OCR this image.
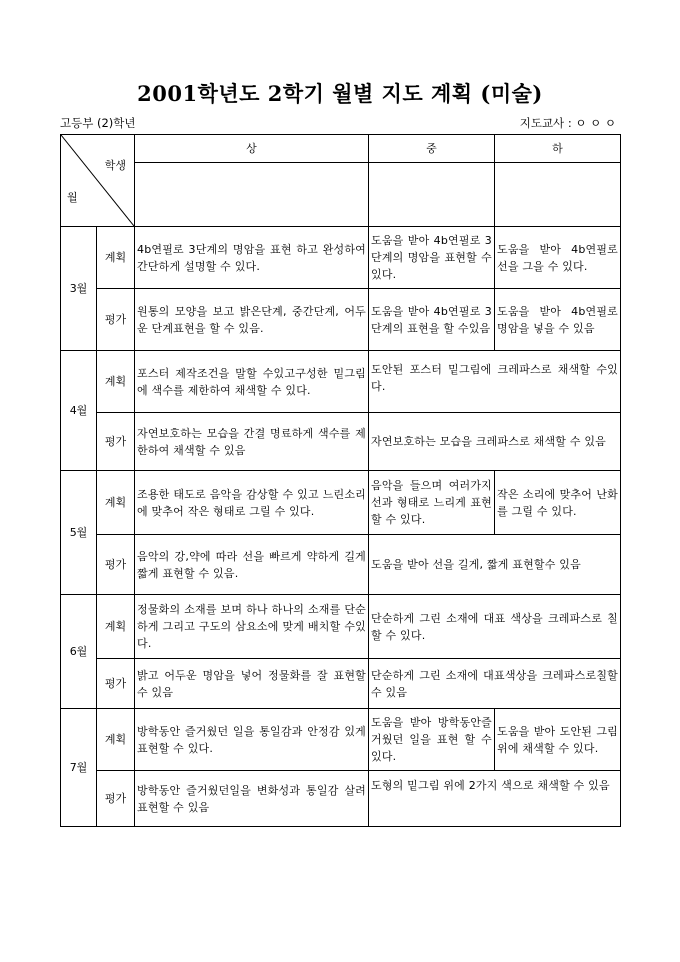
2001학년도 2학기 월별 지도 계획 (미술)
고등부 (2)학년	지도교사 : ㅇ ㅇ ㅇ
학생
월		상	중	하

3월	계획	4b연필로 3단계의 명암을 표현 하고 완성하여 간단하게 설명할 수 있다.	도움을 받아 4b연필로 3단계의 명암을 표현할 수 있다.	도움을 받아 4b연필로 선을 그을 수 있다.
	평가	원통의 모양을 보고 밝은단계, 중간단계, 어두운 단계표현을 할 수 있음.	도움을 받아 4b연필로 3단계의 표현을 할 수있음	도움을 받아 4b연필로 명암을 넣을 수 있음
4월	계획	포스터 제작조건을 말할 수있고구성한 밑그림에 색수를 제한하여 채색할 수 있다.	도안된 포스터 밑그림에 크레파스로 채색할 수있다.	
	평가	자연보호하는 모습을 간결 명료하게 색수를 제한하여 채색할 수 있음	자연보호하는 모습을 크레파스로 채색할 수 있음	
5월	계획	조용한 태도로 음악을 감상할 수 있고 느린소리에 맞추어 작은 형태로 그릴 수 있다.	음악을 들으며 여러가지 선과 형태로 느리게 표현할 수 있다.	작은 소리에 맞추어 난화를 그릴 수 있다.
	평가	음악의 강,약에 따라 선을 빠르게 약하게 길게 짧게 표현할 수 있음.	도움을 받아 선을 길게, 짧게 표현할수 있음	
6월	계획	정물화의 소재를 보며 하나 하나의 소재를 단순하게 그리고 구도의 삼요소에 맞게 배치할 수있다.	단순하게 그린 소재에 대표 색상을 크레파스로 칠할 수 있다.	
	평가	밝고 어두운 명암을 넣어 정물화를 잘 표현할 수 있음	단순하게 그린 소재에 대표색상을 크레파스로칠할 수 있음	
7월	계획	방학동안 즐거웠던 일을 통일감과 안정감 있게 표현할 수 있다.	도움을 받아 방학동안즐거웠던 일을 표현 할 수 있다.	도움을 받아 도안된 그림 위에 채색할 수 있다.
	평가	방학동안 즐거웠던일을 변화성과 통일감 살려 표현할 수 있음	도형의 밑그림 위에 2가지 색으로 채색할 수 있음	
